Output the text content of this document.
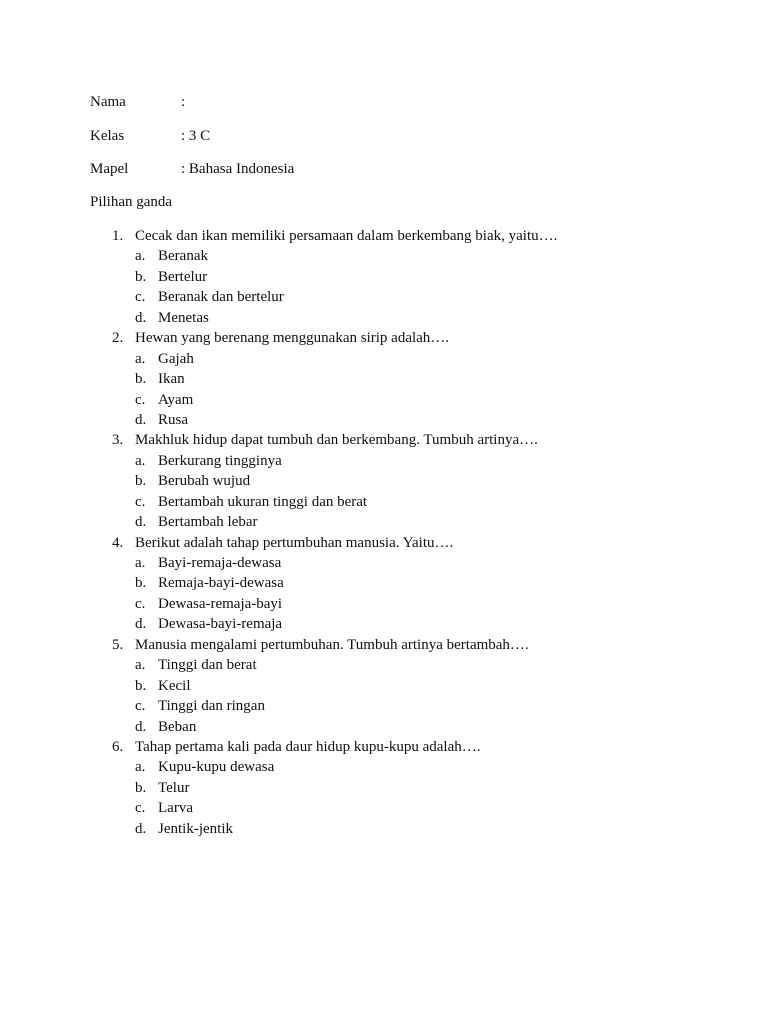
Nama	:
Kelas	: 3 C
Mapel	: Bahasa Indonesia
Pilihan ganda
1. Cecak dan ikan memiliki persamaan dalam berkembang biak, yaitu….
a. Beranak
b. Bertelur
c. Beranak dan bertelur
d. Menetas
2. Hewan yang berenang menggunakan sirip adalah….
a. Gajah
b. Ikan
c. Ayam
d. Rusa
3. Makhluk hidup dapat tumbuh dan berkembang. Tumbuh artinya….
a. Berkurang tingginya
b. Berubah wujud
c. Bertambah ukuran tinggi dan berat
d. Bertambah lebar
4. Berikut adalah tahap pertumbuhan manusia. Yaitu….
a. Bayi-remaja-dewasa
b. Remaja-bayi-dewasa
c. Dewasa-remaja-bayi
d. Dewasa-bayi-remaja
5. Manusia mengalami pertumbuhan. Tumbuh artinya bertambah….
a. Tinggi dan berat
b. Kecil
c. Tinggi dan ringan
d. Beban
6. Tahap pertama kali pada daur hidup kupu-kupu adalah….
a. Kupu-kupu dewasa
b. Telur
c. Larva
d. Jentik-jentik
